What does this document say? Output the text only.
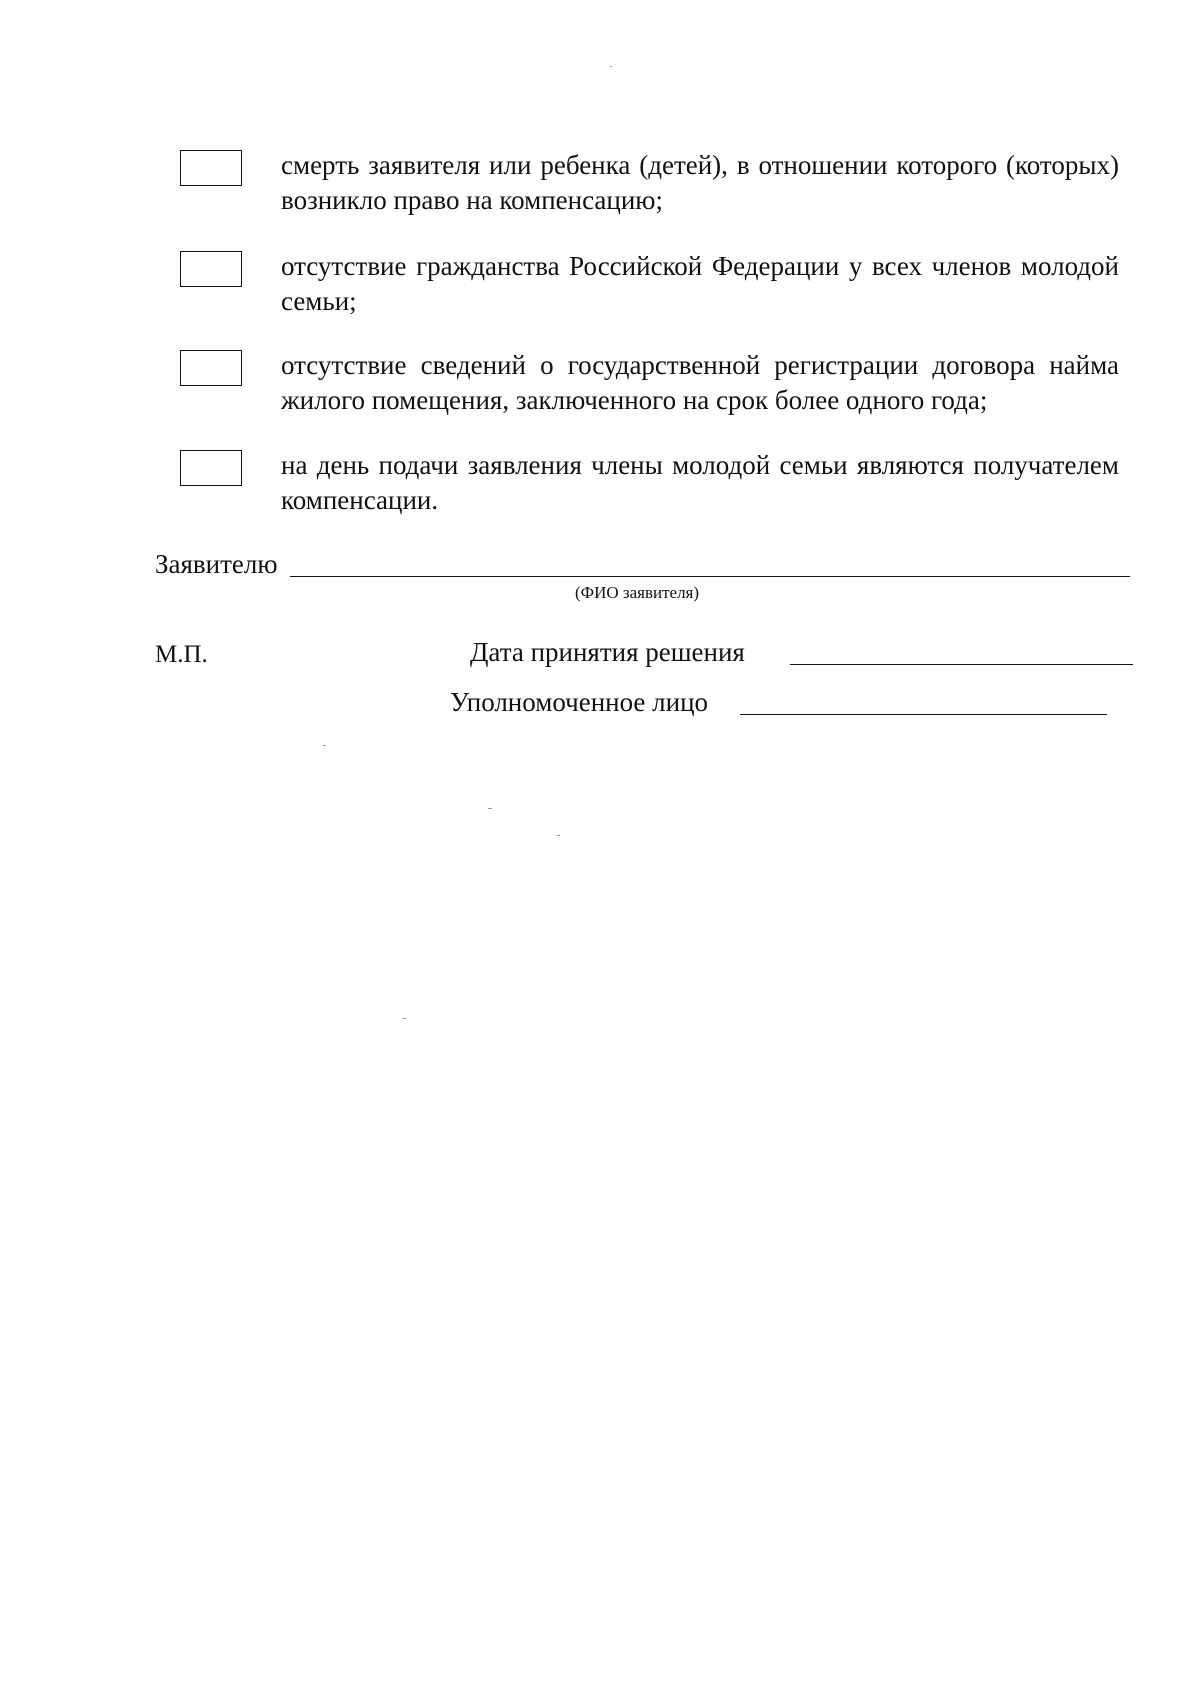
смерть заявителя или ребенка (детей), в отношении которого (которых) возникло право на компенсацию;
отсутствие гражданства Российской Федерации у всех членов молодой семьи;
отсутствие сведений о государственной регистрации договора найма жилого помещения, заключенного на срок более одного года;
на день подачи заявления члены молодой семьи являются получателем компенсации.
Заявителю
(ФИО заявителя)
М.П.	Дата принятия решения
Уполномоченное лицо
